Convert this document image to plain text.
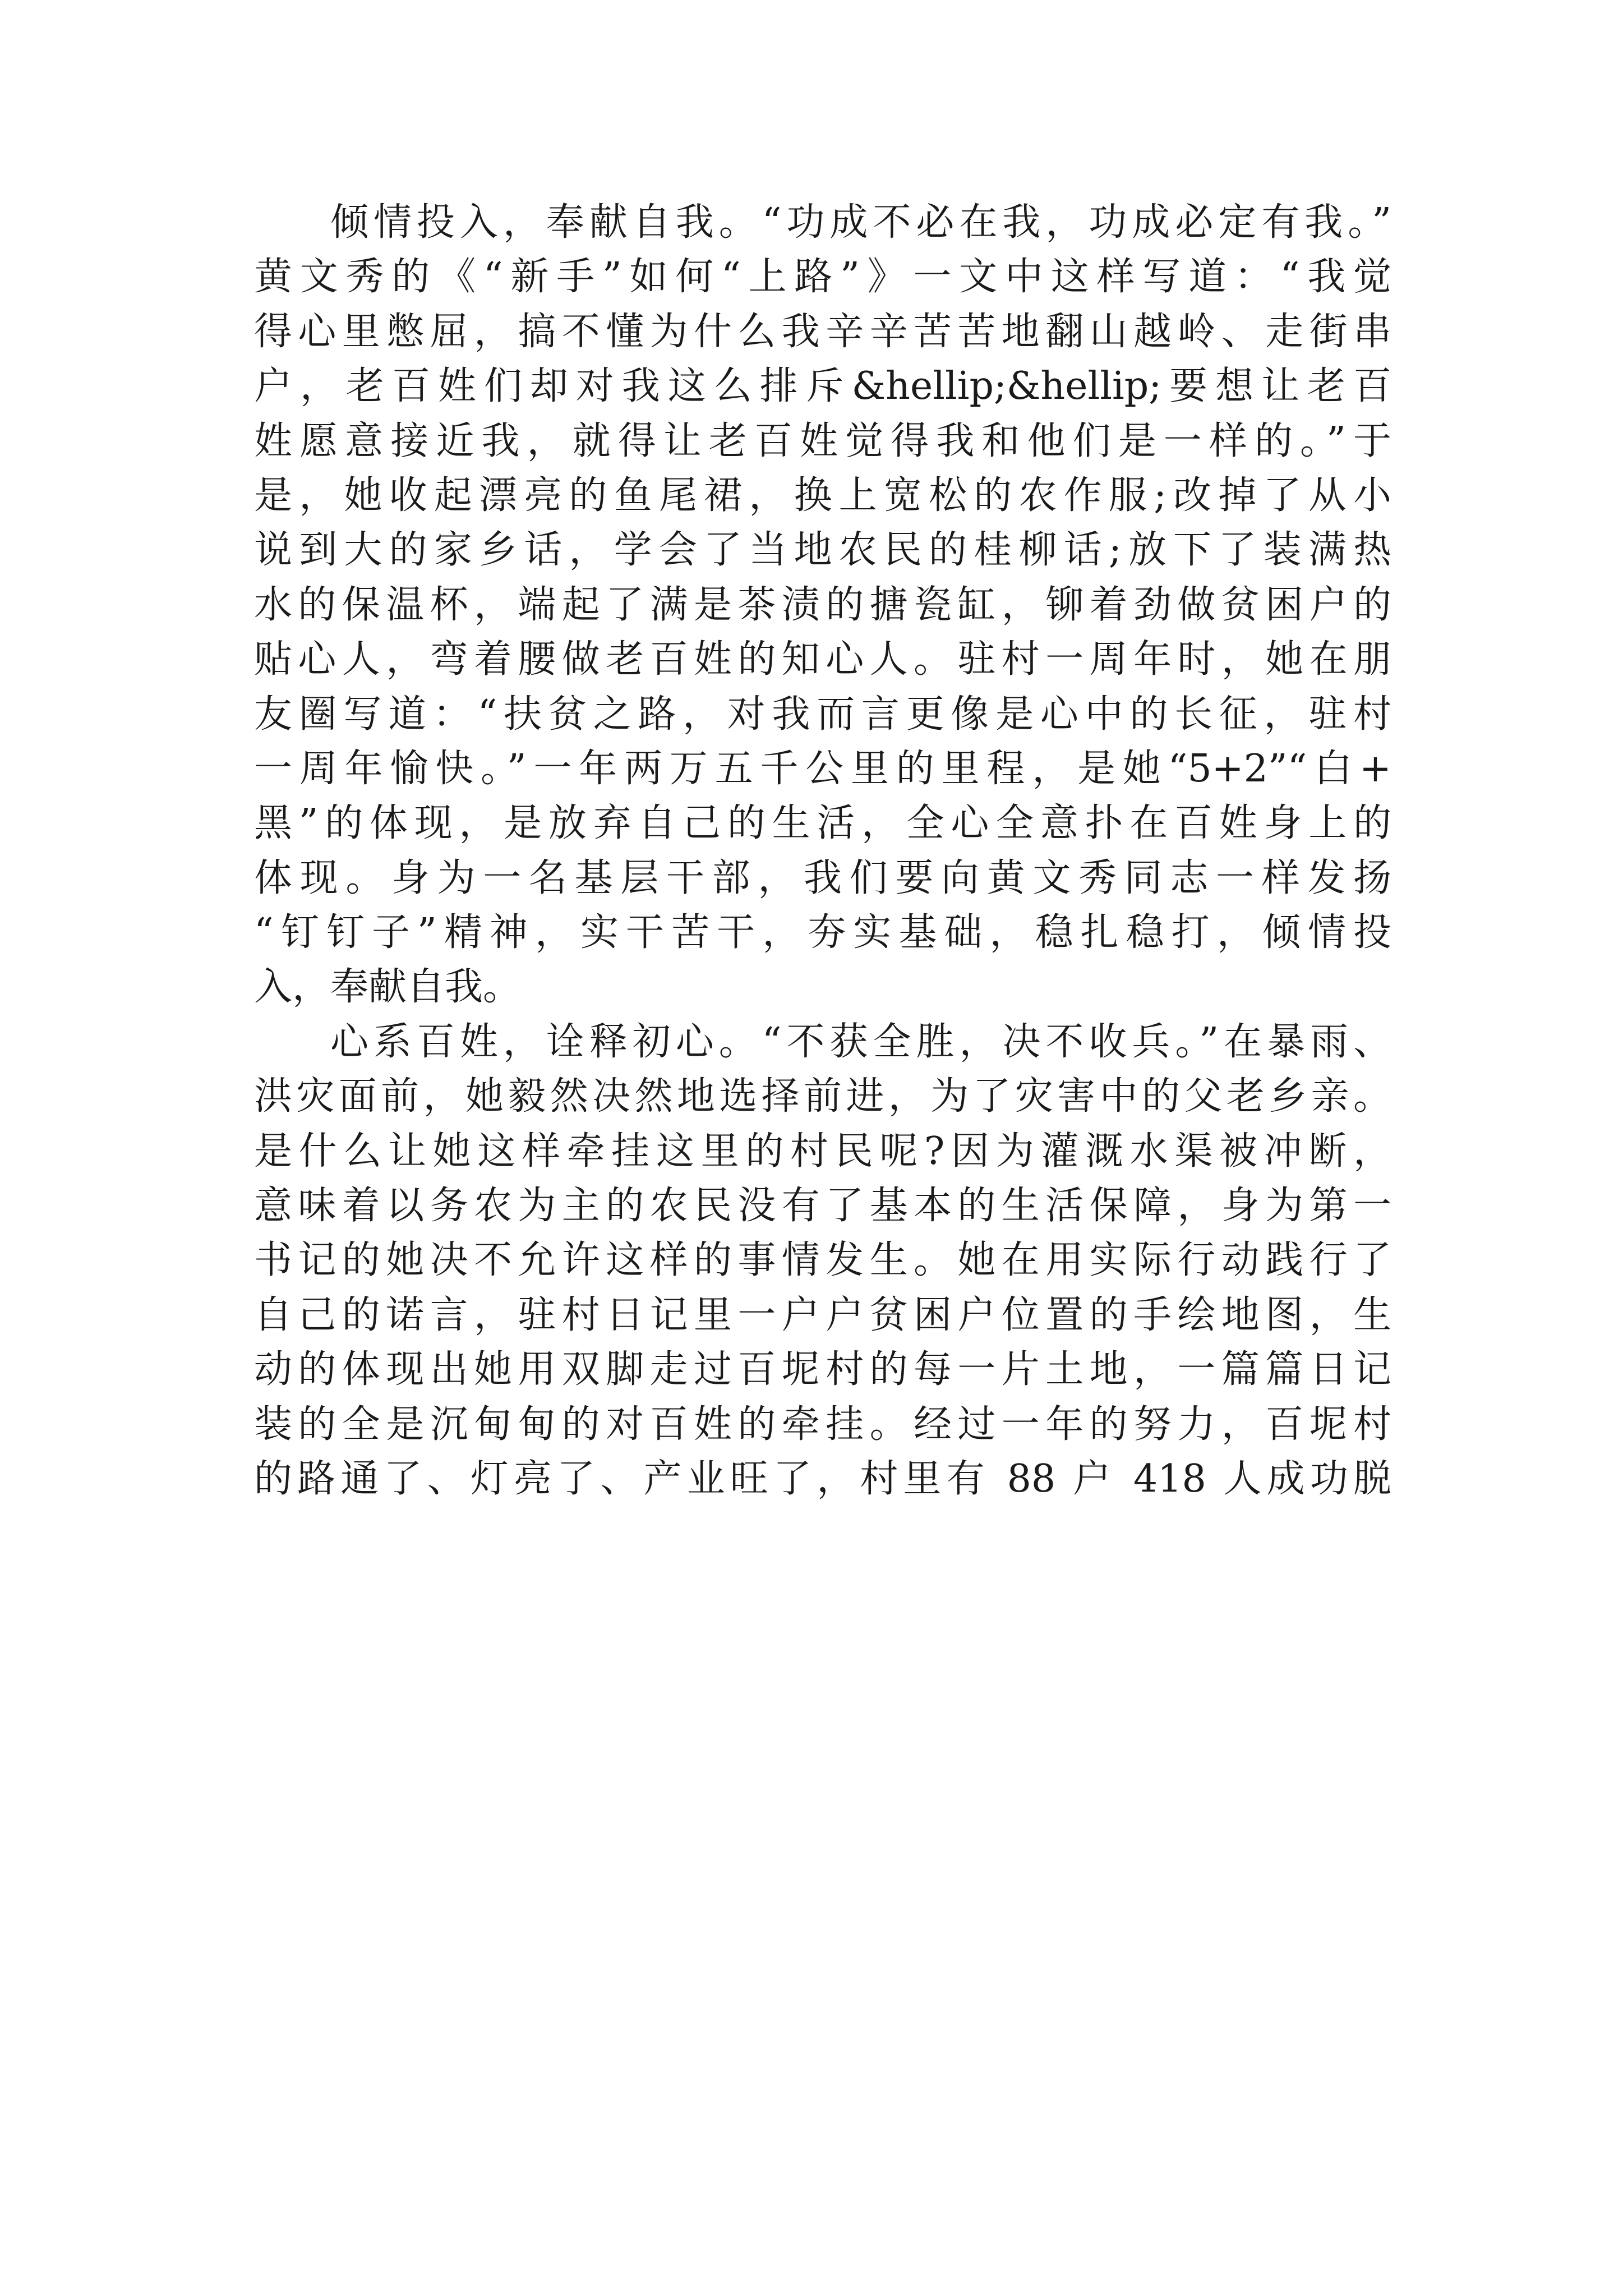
倾情投入，奉献自我。“功成不必在我，功成必定有我。”
黄文秀的《“新手”如何“上路”》一文中这样写道：“我觉
得心里憋屈，搞不懂为什么我辛辛苦苦地翻山越岭、走街串
户，老百姓们却对我这么排斥&hellip;&hellip;要想让老百
姓愿意接近我，就得让老百姓觉得我和他们是一样的。”于
是，她收起漂亮的鱼尾裙，换上宽松的农作服;改掉了从小
说到大的家乡话，学会了当地农民的桂柳话;放下了装满热
水的保温杯，端起了满是茶渍的搪瓷缸，铆着劲做贫困户的
贴心人，弯着腰做老百姓的知心人。驻村一周年时，她在朋
友圈写道：“扶贫之路，对我而言更像是心中的长征，驻村
一周年愉快。”一年两万五千公里的里程，是她“5+2”“白+
黑”的体现，是放弃自己的生活，全心全意扑在百姓身上的
体现。身为一名基层干部，我们要向黄文秀同志一样发扬
“钉钉子”精神，实干苦干，夯实基础，稳扎稳打，倾情投
入，奉献自我。
心系百姓，诠释初心。“不获全胜，决不收兵。”在暴雨、
洪灾面前，她毅然决然地选择前进，为了灾害中的父老乡亲。
是什么让她这样牵挂这里的村民呢?因为灌溉水渠被冲断，
意味着以务农为主的农民没有了基本的生活保障，身为第一
书记的她决不允许这样的事情发生。她在用实际行动践行了
自己的诺言，驻村日记里一户户贫困户位置的手绘地图，生
动的体现出她用双脚走过百坭村的每一片土地，一篇篇日记
装的全是沉甸甸的对百姓的牵挂。经过一年的努力，百坭村
的路通了、灯亮了、产业旺了，村里有 88 户 418 人成功脱
